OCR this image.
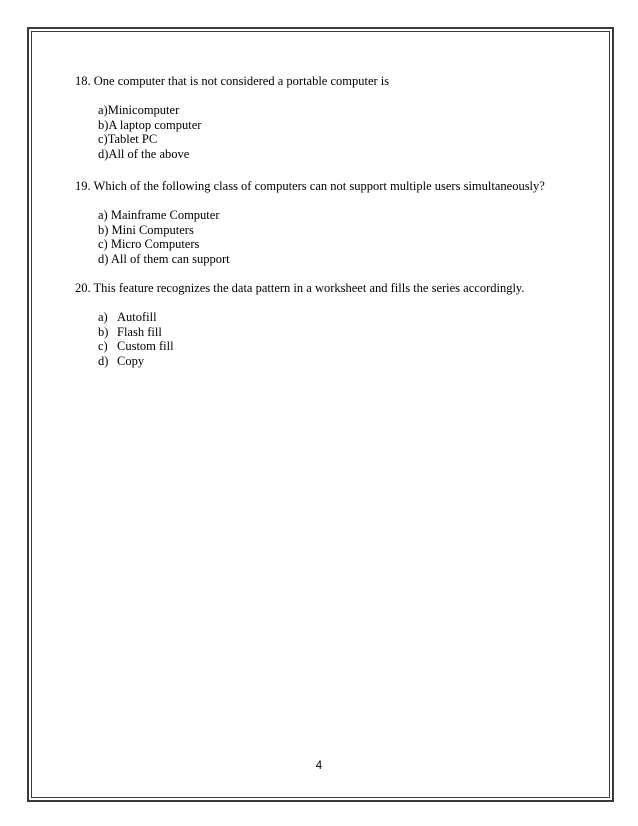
18. One computer that is not considered a portable computer is
a)Minicomputer
b)A laptop computer
c)Tablet PC
d)All of the above
19. Which of the following class of computers can not support multiple users simultaneously?
a) Mainframe Computer
b) Mini Computers
c) Micro Computers
d) All of them can support
20. This feature recognizes the data pattern in a worksheet and fills the series accordingly.
a) Autofill
b) Flash fill
c) Custom fill
d) Copy
4
